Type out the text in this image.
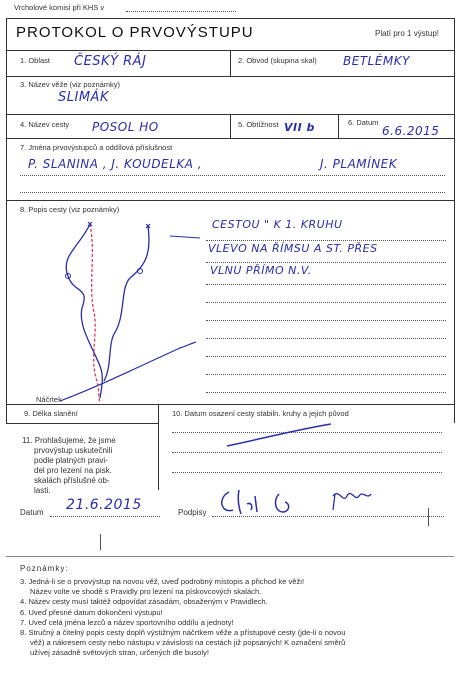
Vrcholové komisi při KHS v
PROTOKOL O PRVOVÝSTUPU	Platí pro 1 výstup!
1. Oblast ČESKÝ RÁJ	2. Obvod (skupina skal) BETLÉMKY
3. Název věže (viz poznámky)
SLIMÁK
4. Název cesty POSOL HO	5. Obtížnost VII b	6. Datum
6.6.2015
7. Jména prvovýstupců a oddílová příslušnost
P. SLANINA , J. KOUDELKA ,	J. PLAMÍNEK
8. Popis cesty (viz poznámky)
Náčrtek
CESTOU " K 1. KRUHU
VLEVO NA ŘÍMSU A ST. PŘES
VLNU PŘÍMO N.V.
9. Délka slanění	10. Datum osazení cesty stabiln. kruhy a jejich původ
11. Prohlašujeme, že jsme
prvovýstup uskutečnili
podle platných pravi-
del pro lezení na pisk.
skalách příslušné ob-
lasti.
Datum 21.6.2015	Podpisy
Poznámky:
3. Jedná-li se o prvovýstup na novou věž, uveď podrobný místopis a přichod ke věži!
Název volte ve shodě s Pravidly pro lezení na pískovcových skalách.
4. Název cesty musí taktéž odpovídat zásadám, obsaženým v Pravidlech.
6. Uveď přesné datum dokončení výstupu!
7. Uveď celá jména lezců a název sportovního oddílu a jednoty!
8. Stručný a čitelný popis cesty doplň výstižným náčrtkem věže a přístupové cesty (jde-li o novou
věž) a nákresem cesty nebo nástupu v závislosti na cestách již popsaných! K označení směrů
užívej zásadně světových stran, určených dle busoly!
